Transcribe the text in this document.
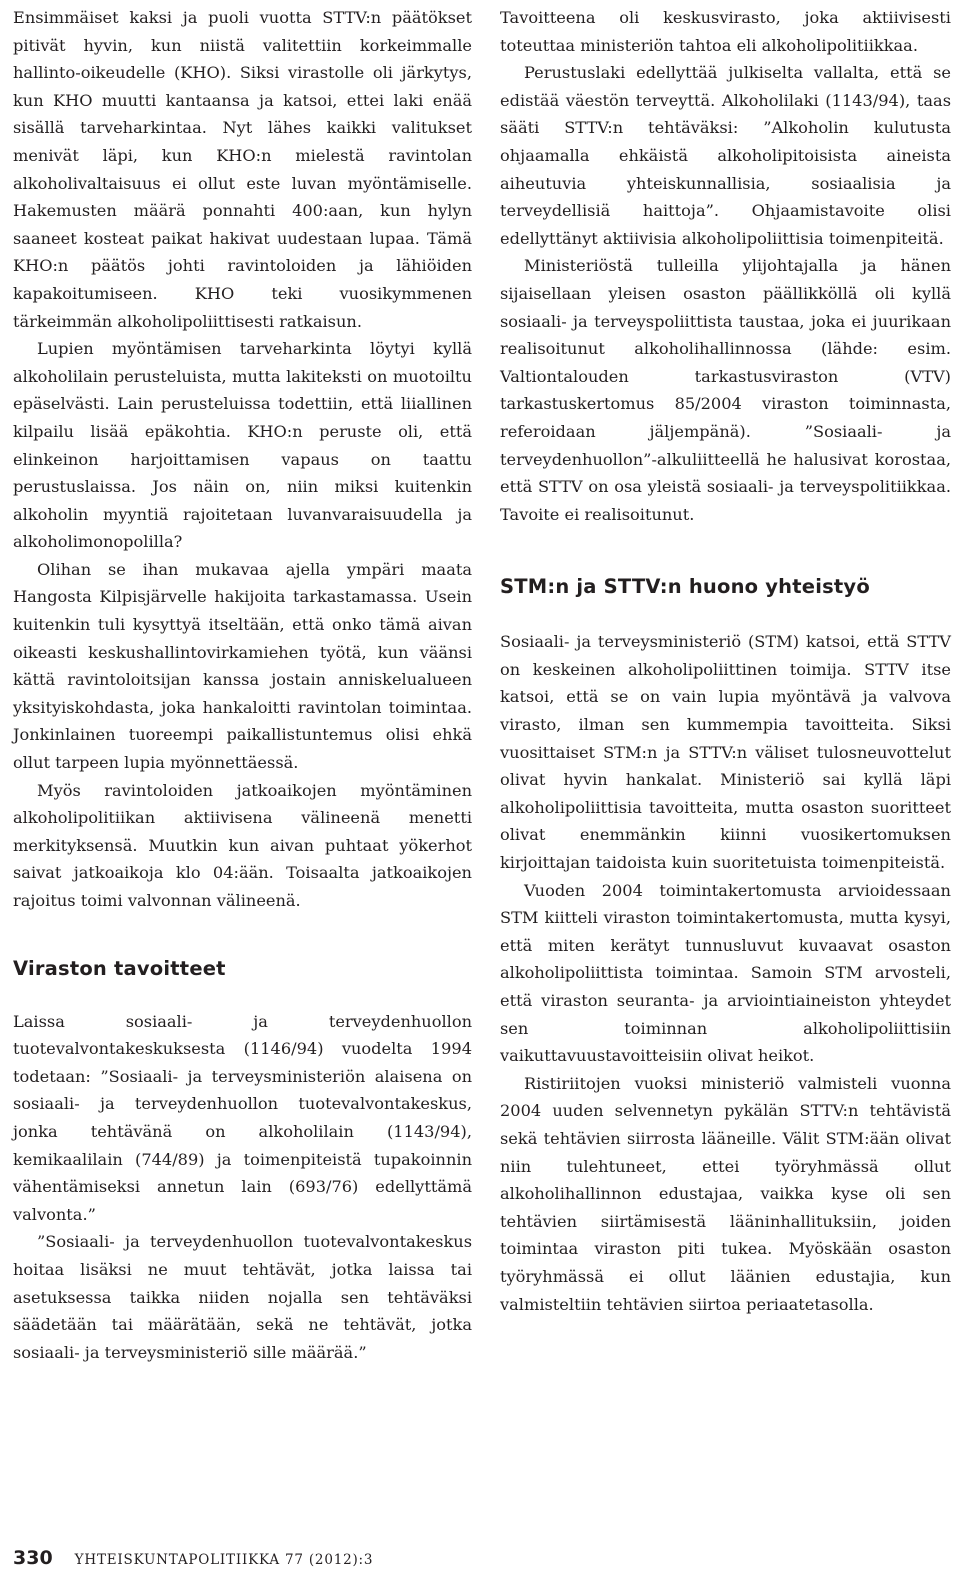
Ensimmäiset kaksi ja puoli vuotta STTV:n päätökset pitivät hyvin, kun niistä valitettiin korkeimmalle hallinto-oikeudelle (KHO). Siksi virastolle oli järkytys, kun KHO muutti kantaansa ja katsoi, ettei laki enää sisällä tarveharkintaa. Nyt lähes kaikki valitukset menivät läpi, kun KHO:n mielestä ravintolan alkoholivaltaisuus ei ollut este luvan myöntämiselle. Hakemusten määrä ponnahti 400:aan, kun hylyn saaneet kosteat paikat hakivat uudestaan lupaa. Tämä KHO:n päätös johti ravintoloiden ja lähiöiden kapakoitumiseen. KHO teki vuosikymmenen tärkeimmän alkoholipoliittisesti ratkaisun.

Lupien myöntämisen tarveharkinta löytyi kyllä alkoholilain perusteluista, mutta lakiteksti on muotoiltu epäselvästi. Lain perusteluissa todettiin, että liiallinen kilpailu lisää epäkohtia. KHO:n peruste oli, että elinkeinon harjoittamisen vapaus on taattu perustuslaissa. Jos näin on, niin miksi kuitenkin alkoholin myyntiä rajoitetaan luvanvaraisuudella ja alkoholimonopolilla?

Olihan se ihan mukavaa ajella ympäri maata Hangosta Kilpisjärvelle hakijoita tarkastamassa. Usein kuitenkin tuli kysyttyä itseltään, että onko tämä aivan oikeasti keskushallintovirkamiehen työtä, kun väänsi kättä ravintoloitsijan kanssa jostain anniskelualueen yksityiskohdasta, joka hankaloitti ravintolan toimintaa. Jonkinlainen tuoreempi paikallistuntemus olisi ehkä ollut tarpeen lupia myönnettäessä.

Myös ravintoloiden jatkoaikojen myöntäminen alkoholipolitiikan aktiivisena välineenä menetti merkityksensä. Muutkin kun aivan puhtaat yökerhot saivat jatkoaikoja klo 04:ään. Toisaalta jatkoaikojen rajoitus toimi valvonnan välineenä.

Viraston tavoitteet

Laissa sosiaali- ja terveydenhuollon tuotevalvontakeskuksesta (1146/94) vuodelta 1994 todetaan: ”Sosiaali- ja terveysministeriön alaisena on sosiaali- ja terveydenhuollon tuotevalvontakeskus, jonka tehtävänä on alkoholilain (1143/94), kemikaalilain (744/89) ja toimenpiteistä tupakoinnin vähentämiseksi annetun lain (693/76) edellyttämä valvonta.”

”Sosiaali- ja terveydenhuollon tuotevalvontakeskus hoitaa lisäksi ne muut tehtävät, jotka laissa tai asetuksessa taikka niiden nojalla sen tehtäväksi säädetään tai määrätään, sekä ne tehtävät, jotka sosiaali- ja terveysministeriö sille määrää.”

Tavoitteena oli keskusvirasto, joka aktiivisesti toteuttaa ministeriön tahtoa eli alkoholipolitiikkaa.

Perustuslaki edellyttää julkiselta vallalta, että se edistää väestön terveyttä. Alkoholilaki (1143/94), taas sääti STTV:n tehtäväksi: ”Alkoholin kulutusta ohjaamalla ehkäistä alkoholipitoisista aineista aiheutuvia yhteiskunnallisia, sosiaalisia ja terveydellisiä haittoja”. Ohjaamistavoite olisi edellyttänyt aktiivisia alkoholipoliittisia toimenpiteitä.

Ministeriöstä tulleilla ylijohtajalla ja hänen sijaisellaan yleisen osaston päällikköllä oli kyllä sosiaali- ja terveyspoliittista taustaa, joka ei juurikaan realisoitunut alkoholihallinnossa (lähde: esim. Valtiontalouden tarkastusviraston (VTV) tarkastuskertomus 85/2004 viraston toiminnasta, referoidaan jäljempänä). ”Sosiaali- ja terveydenhuollon”-alkuliitteellä he halusivat korostaa, että STTV on osa yleistä sosiaali- ja terveyspolitiikkaa. Tavoite ei realisoitunut.

STM:n ja STTV:n huono yhteistyö

Sosiaali- ja terveysministeriö (STM) katsoi, että STTV on keskeinen alkoholipoliittinen toimija. STTV itse katsoi, että se on vain lupia myöntävä ja valvova virasto, ilman sen kummempia tavoitteita. Siksi vuosittaiset STM:n ja STTV:n väliset tulosneuvottelut olivat hyvin hankalat. Ministeriö sai kyllä läpi alkoholipoliittisia tavoitteita, mutta osaston suoritteet olivat enemmänkin kiinni vuosikertomuksen kirjoittajan taidoista kuin suoritetuista toimenpiteistä.

Vuoden 2004 toimintakertomusta arvioidessaan STM kiitteli viraston toimintakertomusta, mutta kysyi, että miten kerätyt tunnusluvut kuvaavat osaston alkoholipoliittista toimintaa. Samoin STM arvosteli, että viraston seuranta- ja arviointiaineiston yhteydet sen toiminnan alkoholipoliittisiin vaikuttavuustavoitteisiin olivat heikot.

Ristiriitojen vuoksi ministeriö valmisteli vuonna 2004 uuden selvennetyn pykälän STTV:n tehtävistä sekä tehtävien siirrosta lääneille. Välit STM:ään olivat niin tulehtuneet, ettei työryhmässä ollut alkoholihallinnon edustajaa, vaikka kyse oli sen tehtävien siirtämisestä lääninhallituksiin, joiden toimintaa viraston piti tukea. Myöskään osaston työryhmässä ei ollut läänien edustajia, kun valmisteltiin tehtävien siirtoa periaatetasolla.

330 YHTEISKUNTAPOLITIIKKA 77 (2012):3
